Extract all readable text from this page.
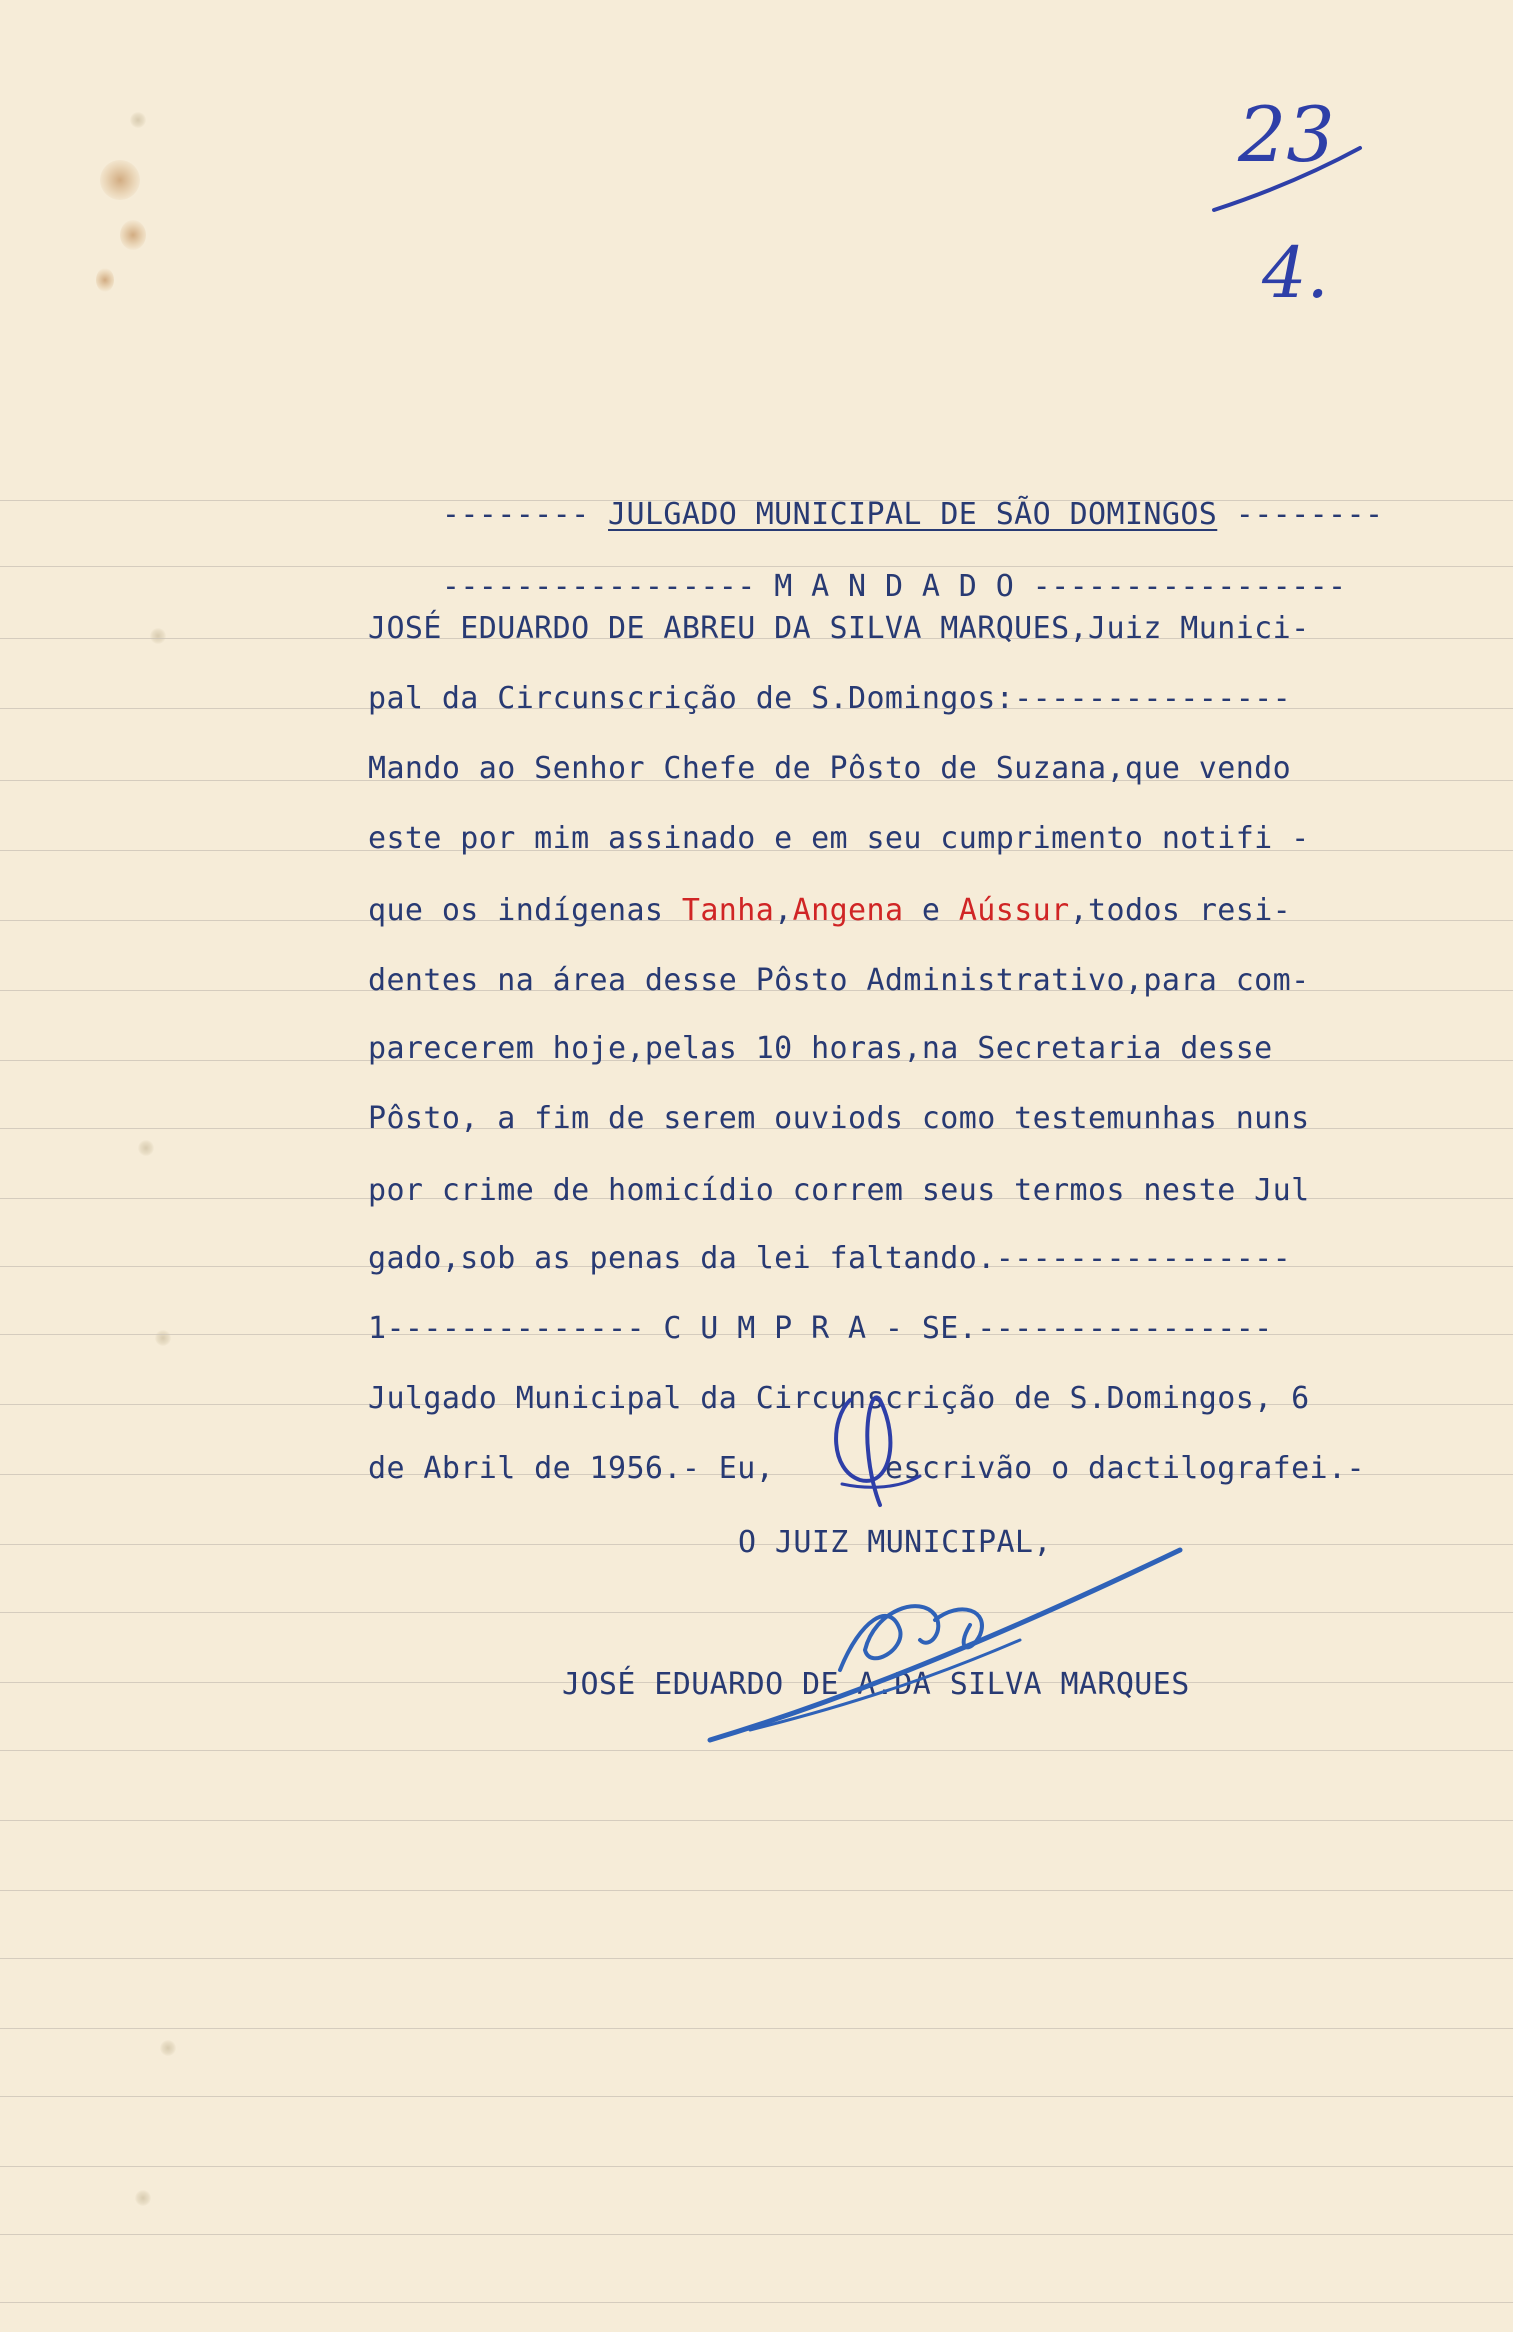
23
4.

-------- JULGADO MUNICIPAL DE SÃO DOMINGOS --------

----------------- M A N D A D O -----------------

JOSÉ EDUARDO DE ABREU DA SILVA MARQUES,Juiz Munici-
pal da Circunscrição de S.Domingos:---------------
Mando ao Senhor Chefe de Pôsto de Suzana,que vendo
este por mim assinado e em seu cumprimento notifi -
que os indígenas Tanha,Angena e Aússur,todos resi-
dentes na área desse Pôsto Administrativo,para com-
parecerem hoje,pelas 10 horas,na Secretaria desse
Pôsto, a fim de serem ouviods como testemunhas nuns
por crime de homicídio correm seus termos neste Jul
gado,sob as penas da lei faltando.----------------
1-------------- C U M P R A - SE.----------------
Julgado Municipal da Circunscrição de S.Domingos, 6
de Abril de 1956.- Eu,      escrivão o dactilografei.-
O JUIZ MUNICIPAL,
JOSÉ EDUARDO DE A.DA SILVA MARQUES
